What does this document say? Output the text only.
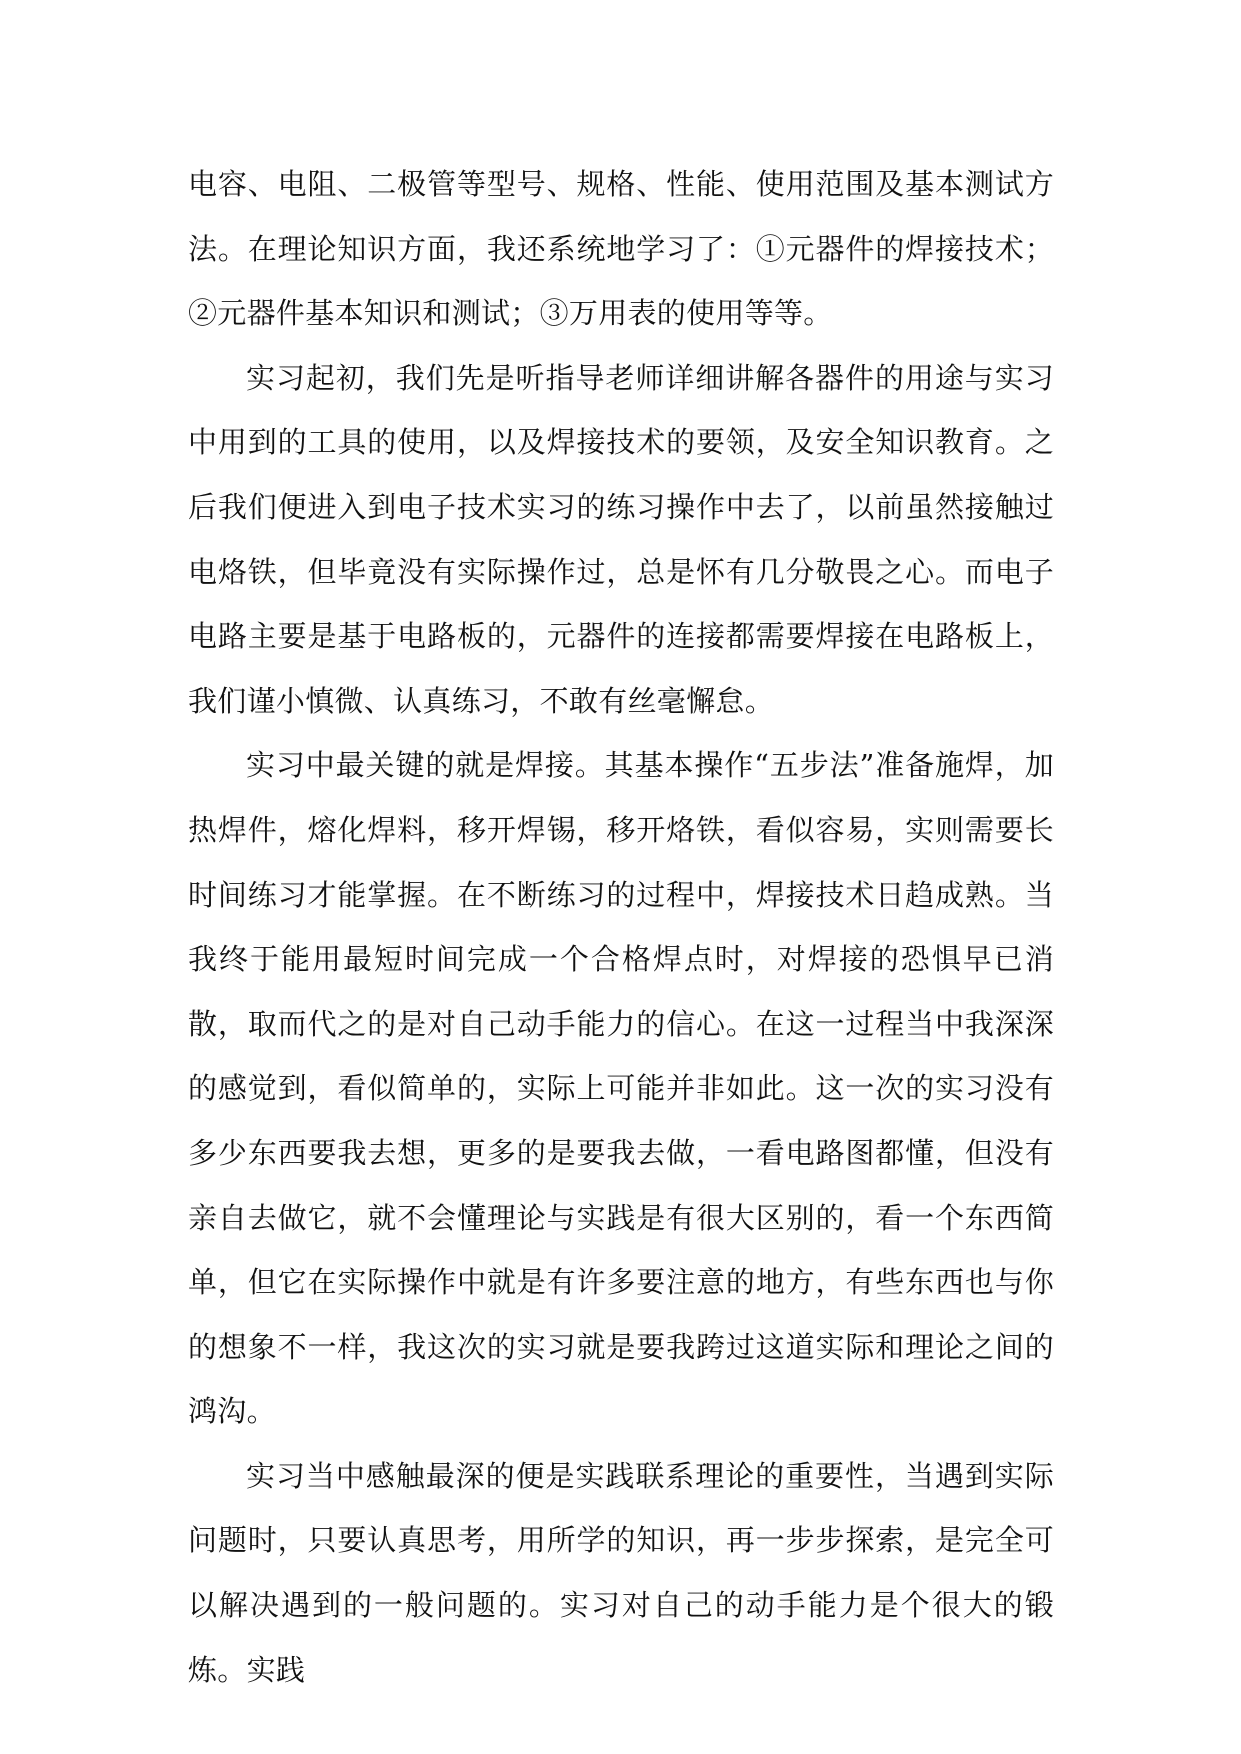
电容、电阻、二极管等型号、规格、性能、使用范围及基本测试方法。在理论知识方面，我还系统地学习了：①元器件的焊接技术；②元器件基本知识和测试；③万用表的使用等等。

实习起初，我们先是听指导老师详细讲解各器件的用途与实习中用到的工具的使用，以及焊接技术的要领，及安全知识教育。之后我们便进入到电子技术实习的练习操作中去了，以前虽然接触过电烙铁，但毕竟没有实际操作过，总是怀有几分敬畏之心。而电子电路主要是基于电路板的，元器件的连接都需要焊接在电路板上，我们谨小慎微、认真练习，不敢有丝毫懈怠。

实习中最关键的就是焊接。其基本操作“五步法”准备施焊，加热焊件，熔化焊料，移开焊锡，移开烙铁，看似容易，实则需要长时间练习才能掌握。在不断练习的过程中，焊接技术日趋成熟。当我终于能用最短时间完成一个合格焊点时，对焊接的恐惧早已消散，取而代之的是对自己动手能力的信心。在这一过程当中我深深的感觉到，看似简单的，实际上可能并非如此。这一次的实习没有多少东西要我去想，更多的是要我去做，一看电路图都懂，但没有亲自去做它，就不会懂理论与实践是有很大区别的，看一个东西简单，但它在实际操作中就是有许多要注意的地方，有些东西也与你的想象不一样，我这次的实习就是要我跨过这道实际和理论之间的鸿沟。

实习当中感触最深的便是实践联系理论的重要性，当遇到实际问题时，只要认真思考，用所学的知识，再一步步探索，是完全可以解决遇到的一般问题的。实习对自己的动手能力是个很大的锻炼。实践
